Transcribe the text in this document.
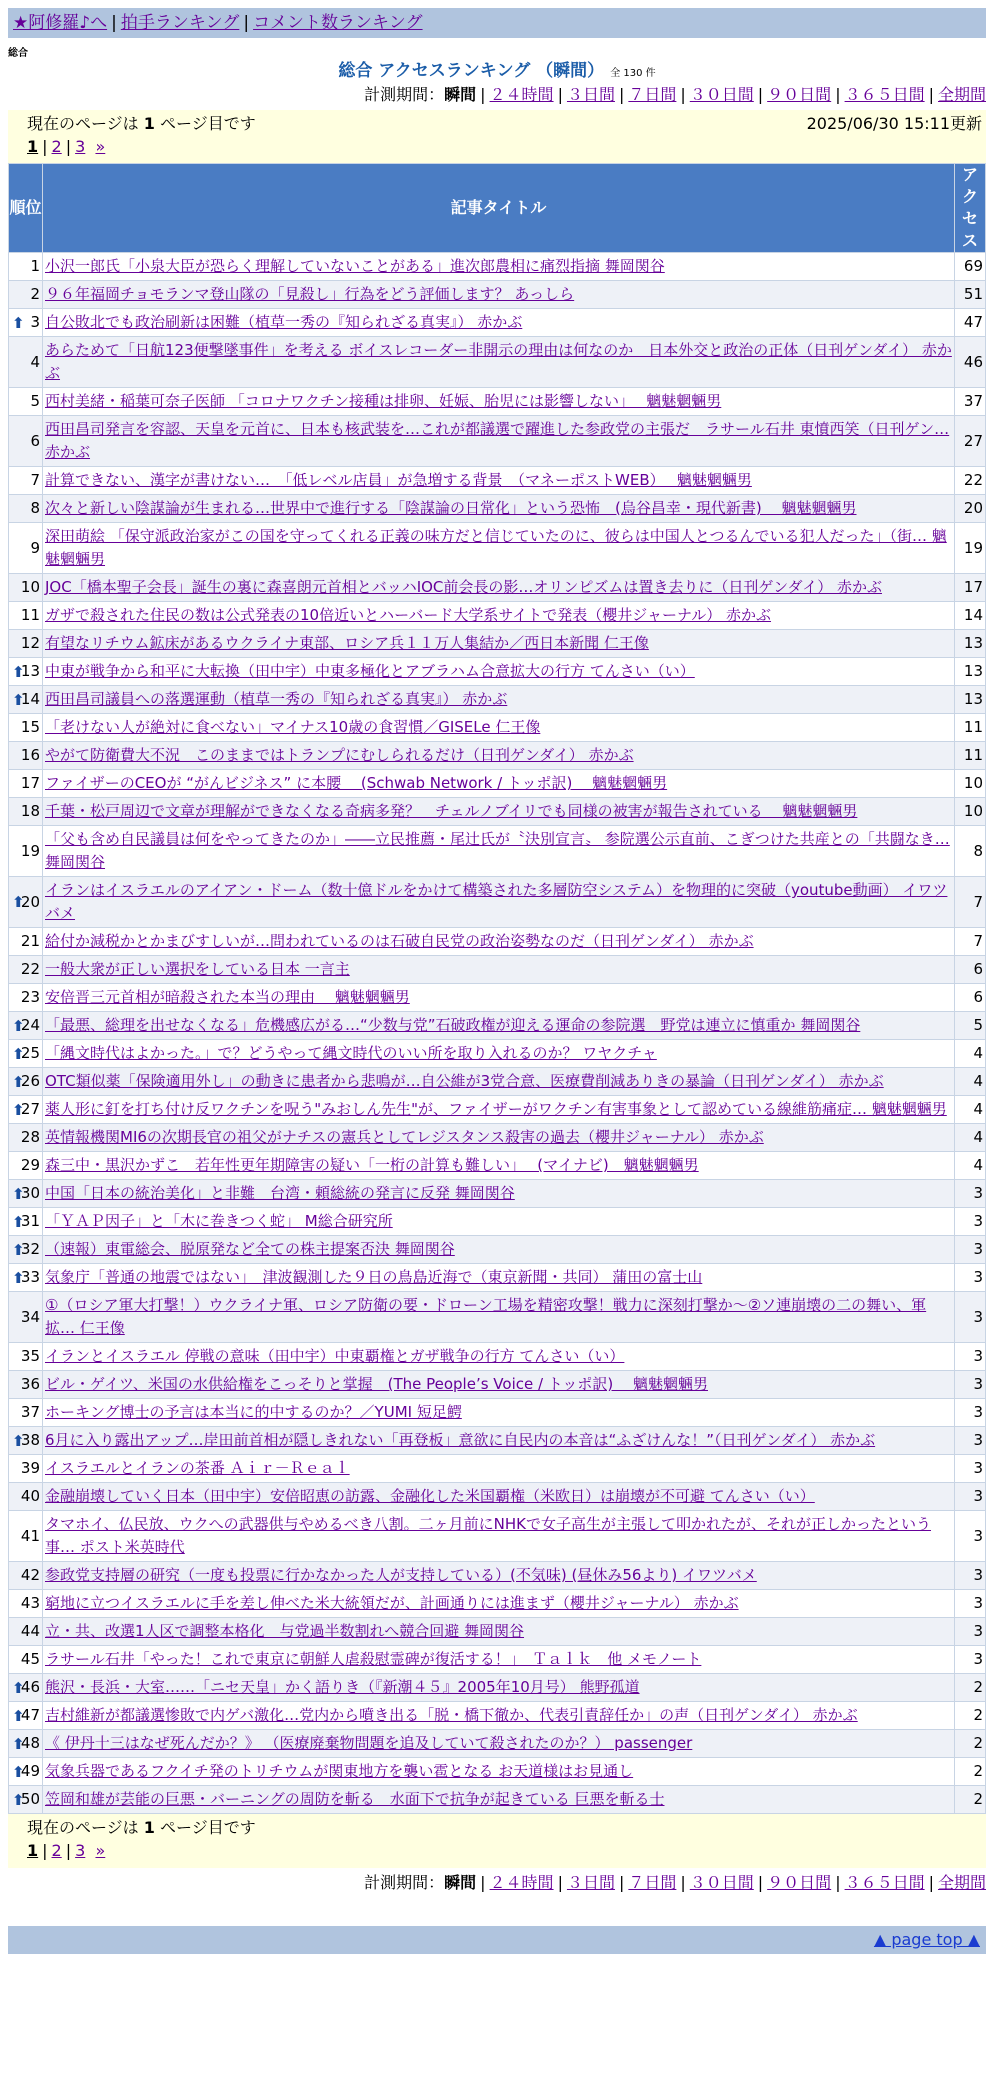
★阿修羅♪へ | 拍手ランキング | コメント数ランキング
総合
総合 アクセスランキング （瞬間） 全 130 件
計測期間：瞬間 | ２４時間 | ３日間 | ７日間 | ３０日間 | ９０日間 | ３６５日間 | 全期間
現在のページは 1 ページ目です	2025/06/30 15:11更新
1 | 2 | 3 »
順位	記事タイトル	アクセス
1	小沢一郎氏「小泉大臣が恐らく理解していないことがある」進次郎農相に痛烈指摘 舞岡関谷	69
2	９６年福岡チョモランマ登山隊の「見殺し」行為をどう評価します？ あっしら	51

⬆ 3	自公敗北でも政治刷新は困難（植草一秀の『知られざる真実』） 赤かぶ	47
4	あらためて「日航123便撃墜事件」を考える ボイスレコーダー非開示の理由は何なのか　日本外交と政治の正体（日刊ゲンダイ） 赤かぶ	46
5	西村美緒・稲葉可奈子医師 「コロナワクチン接種は排卵、妊娠、胎児には影響しない」　 魑魅魍魎男	37
6	西田昌司発言を容認、天皇を元首に、日本も核武装を…これが都議選で躍進した参政党の主張だ　ラサール石井 東憤西笑（日刊ゲン… 赤かぶ	27
7	計算できない、漢字が書けない…　「低レベル店員」が急増する背景　（マネーポストWEB）　 魑魅魍魎男	22
8	次々と新しい陰謀論が生まれる…世界中で進行する「陰謀論の日常化」という恐怖　(烏谷昌幸・現代新書)　 魑魅魍魎男	20
9	深田萌絵 「保守派政治家がこの国を守ってくれる正義の味方だと信じていたのに、彼らは中国人とつるんでいる犯人だった」（街… 魑魅魍魎男	19
10	JOC「橋本聖子会長」誕生の裏に森喜朗元首相とバッハIOC前会長の影…オリンピズムは置き去りに（日刊ゲンダイ） 赤かぶ	17
11	ガザで殺された住民の数は公式発表の10倍近いとハーバード大学系サイトで発表（櫻井ジャーナル） 赤かぶ	14
12	有望なリチウム鉱床があるウクライナ東部、ロシア兵１１万人集結か／西日本新聞 仁王像	13

⬆
13	中東が戦争から和平に大転換（田中宇）中東多極化とアブラハム合意拡大の行方 てんさい（い）	13

⬆
14	西田昌司議員への落選運動（植草一秀の『知られざる真実』） 赤かぶ	13
15	「老けない人が絶対に食べない」マイナス10歳の食習慣／GISELe 仁王像	11
16	やがて防衛費大不況　このままではトランプにむしられるだけ（日刊ゲンダイ） 赤かぶ	11
17	ファイザーのCEOが “がんビジネス” に本腰 　(Schwab Network / トッポ訳)　 魑魅魍魎男	10
18	千葉・松戸周辺で文章が理解ができなくなる奇病多発？　チェルノブイリでも同様の被害が報告されている　 魑魅魍魎男	10
19	「父も含め自民議員は何をやってきたのか」――立民推薦・尾辻氏が〝決別宣言〟 参院選公示直前、こぎつけた共産との「共闘なき… 舞岡関谷	8

⬆
20	イランはイスラエルのアイアン・ドーム（数十億ドルをかけて構築された多層防空システム）を物理的に突破（youtube動画） イワツバメ	7
21	給付か減税かとかまびすしいが…問われているのは石破自民党の政治姿勢なのだ（日刊ゲンダイ） 赤かぶ	7
22	一般大衆が正しい選択をしている日本 一言主	6
23	安倍晋三元首相が暗殺された本当の理由　 魑魅魍魎男	6

⬆
24	「最悪、総理を出せなくなる」危機感広がる…“少数与党”石破政権が迎える運命の参院選　野党は連立に慎重か 舞岡関谷	5

⬆
25	「縄文時代はよかった。」で？どうやって縄文時代のいい所を取り入れるのか？ ワヤクチャ	4

⬆
26	OTC類似薬「保険適用外し」の動きに患者から悲鳴が…自公維が3党合意、医療費削減ありきの暴論（日刊ゲンダイ） 赤かぶ	4

⬆
27	薬人形に釘を打ち付け反ワクチンを呪う"みおしん先生"が、ファイザーがワクチン有害事象として認めている線維筋痛症… 魑魅魍魎男	4
28	英情報機関MI6の次期長官の祖父がナチスの憲兵としてレジスタンス殺害の過去（櫻井ジャーナル） 赤かぶ	4
29	森三中・黒沢かずこ　若年性更年期障害の疑い「一桁の計算も難しい」　 (マイナビ)　魑魅魍魎男	4

⬆
30	中国「日本の統治美化」と非難　台湾・頼総統の発言に反発 舞岡関谷	3

⬆
31	「ＹＡＰ因子」と「木に巻きつく蛇」 M総合研究所	3

⬆
32	（速報）東電総会、脱原発など全ての株主提案否決 舞岡関谷	3

⬆
33	気象庁「普通の地震ではない」　津波観測した９日の鳥島近海で（東京新聞・共同） 蒲田の富士山	3
34	①（ロシア軍大打撃！）ウクライナ軍、ロシア防衛の要・ドローン工場を精密攻撃！戦力に深刻打撃か～②ソ連崩壊の二の舞い、軍拡… 仁王像	3
35	イランとイスラエル 停戦の意味（田中宇）中東覇権とガザ戦争の行方 てんさい（い）	3
36	ビル・ゲイツ、米国の水供給権をこっそりと掌握　(The People’s Voice / トッポ訳)　 魑魅魍魎男	3
37	ホーキング博士の予言は本当に的中するのか？／YUMI 短足鰐	3

⬆
38	6月に入り露出アップ…岸田前首相が隠しきれない「再登板」意欲に自民内の本音は“ふざけんな！”（日刊ゲンダイ） 赤かぶ	3
39	イスラエルとイランの茶番 Ａｉｒ－Ｒｅａｌ	3
40	金融崩壊していく日本（田中宇）安倍昭恵の訪露、金融化した米国覇権（米欧日）は崩壊が不可避 てんさい（い）	3
41	タマホイ、仏民放、ウクへの武器供与やめるべき八割。二ヶ月前にNHKで女子高生が主張して叩かれたが、それが正しかったという事… ポスト米英時代	3
42	参政党支持層の研究（一度も投票に行かなかった人が支持している）(不気味) (昼休み56より) イワツバメ	3
43	窮地に立つイスラエルに手を差し伸べた米大統領だが、計画通りには進まず（櫻井ジャーナル） 赤かぶ	3
44	立・共、改選1人区で調整本格化　与党過半数割れへ競合回避 舞岡関谷	3
45	ラサール石井「やった！これで東京に朝鮮人虐殺慰霊碑が復活する！」　Ｔａｌｋ　他 メモノート	3

⬆
46	熊沢・長浜・大室‥‥‥「ニセ天皇」かく語りき（『新潮４５』2005年10月号） 熊野孤道	2

⬆
47	吉村維新が都議選惨敗で内ゲバ激化…党内から噴き出る「脱・橋下徹か、代表引責辞任か」の声（日刊ゲンダイ） 赤かぶ	2

⬆
48	《 伊丹十三はなぜ死んだか？》 （医療廃棄物問題を追及していて殺されたのか？） passenger	2

⬆
49	気象兵器であるフクイチ発のトリチウムが関東地方を襲い雹となる お天道様はお見通し	2

⬆
50	笠岡和雄が芸能の巨悪・バーニングの周防を斬る　水面下で抗争が起きている 巨悪を斬る士	2
計測期間：瞬間 | ２４時間 | ３日間 | ７日間 | ３０日間 | ９０日間 | ３６５日間 | 全期間
▲ page top ▲
現在のページは 1 ページ目です
1 | 2 | 3 »
